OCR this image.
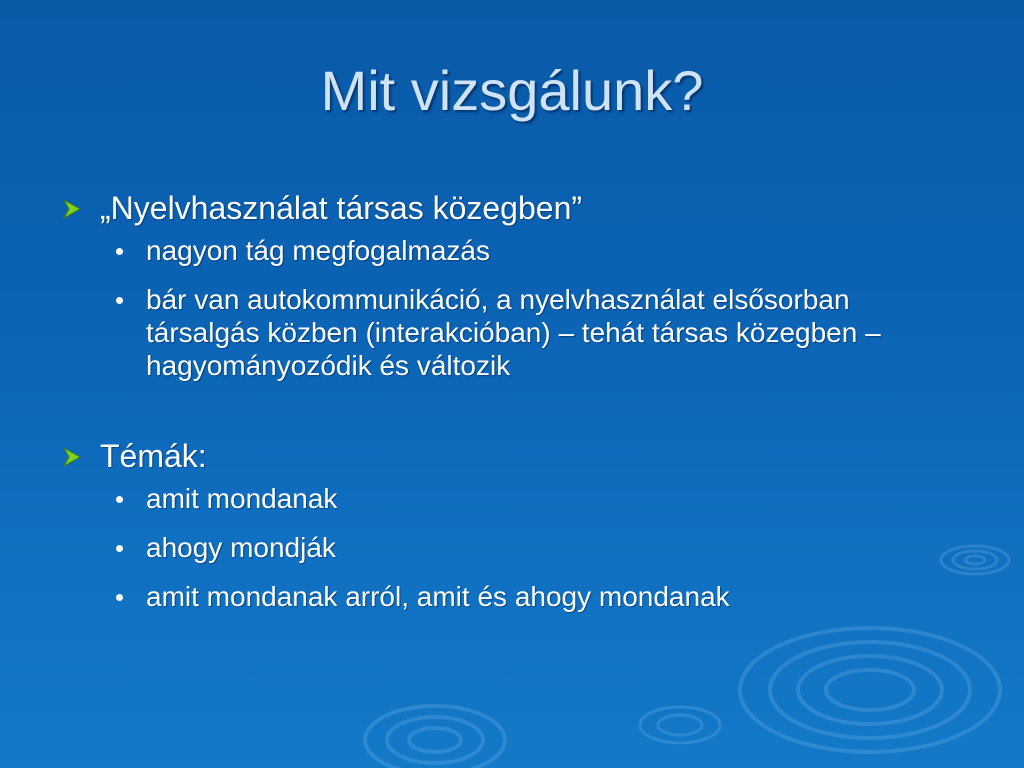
Mit vizsgálunk?
„Nyelvhasználat társas közegben”
nagyon tág megfogalmazás
bár van autokommunikáció, a nyelvhasználat elsősorban társalgás közben (interakcióban) – tehát társas közegben – hagyományozódik és változik
Témák:
amit mondanak
ahogy mondják
amit mondanak arról, amit és ahogy mondanak
